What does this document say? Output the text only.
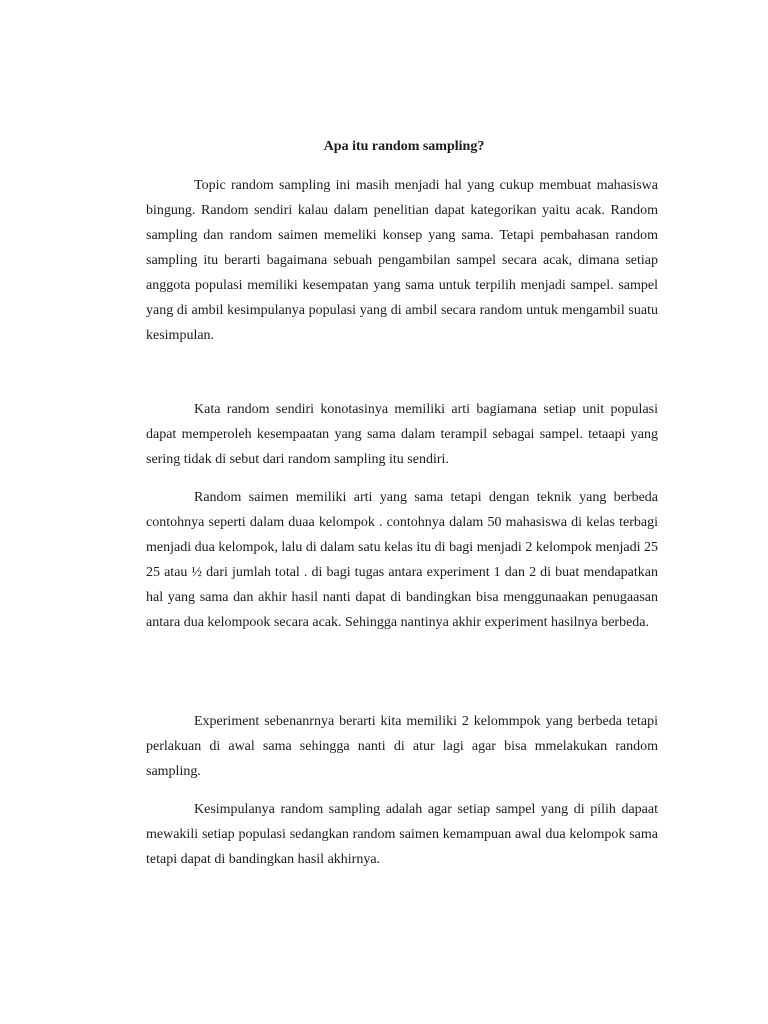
Apa itu random sampling?

Topic random sampling ini masih menjadi hal yang cukup membuat mahasiswa bingung. Random sendiri kalau dalam penelitian dapat kategorikan yaitu acak. Random sampling dan random saimen memeliki konsep yang sama. Tetapi pembahasan random sampling itu berarti bagaimana sebuah pengambilan sampel secara acak, dimana setiap anggota populasi memiliki kesempatan yang sama untuk terpilih menjadi sampel. sampel yang di ambil kesimpulanya populasi yang di ambil secara random untuk mengambil suatu kesimpulan.

Kata random sendiri konotasinya memiliki arti bagiamana setiap unit populasi dapat memperoleh kesempaatan yang sama dalam terampil sebagai sampel. tetaapi yang sering tidak di sebut dari random sampling itu sendiri.

Random saimen memiliki arti yang sama tetapi dengan teknik yang berbeda contohnya seperti dalam duaa kelompok . contohnya dalam 50 mahasiswa di kelas terbagi menjadi dua kelompok, lalu di dalam satu kelas itu di bagi menjadi 2 kelompok menjadi 25 25 atau ½ dari jumlah total . di bagi tugas antara experiment 1 dan 2 di buat mendapatkan hal yang sama dan akhir hasil nanti dapat di bandingkan bisa menggunaakan penugaasan antara dua kelompook secara acak. Sehingga nantinya akhir experiment hasilnya berbeda.

Experiment sebenanrnya berarti kita memiliki 2 kelommpok yang berbeda tetapi perlakuan di awal sama sehingga nanti di atur lagi agar bisa mmelakukan random sampling.

Kesimpulanya random sampling adalah agar setiap sampel yang di pilih dapaat mewakili setiap populasi sedangkan random saimen kemampuan awal dua kelompok sama tetapi dapat di bandingkan hasil akhirnya.
